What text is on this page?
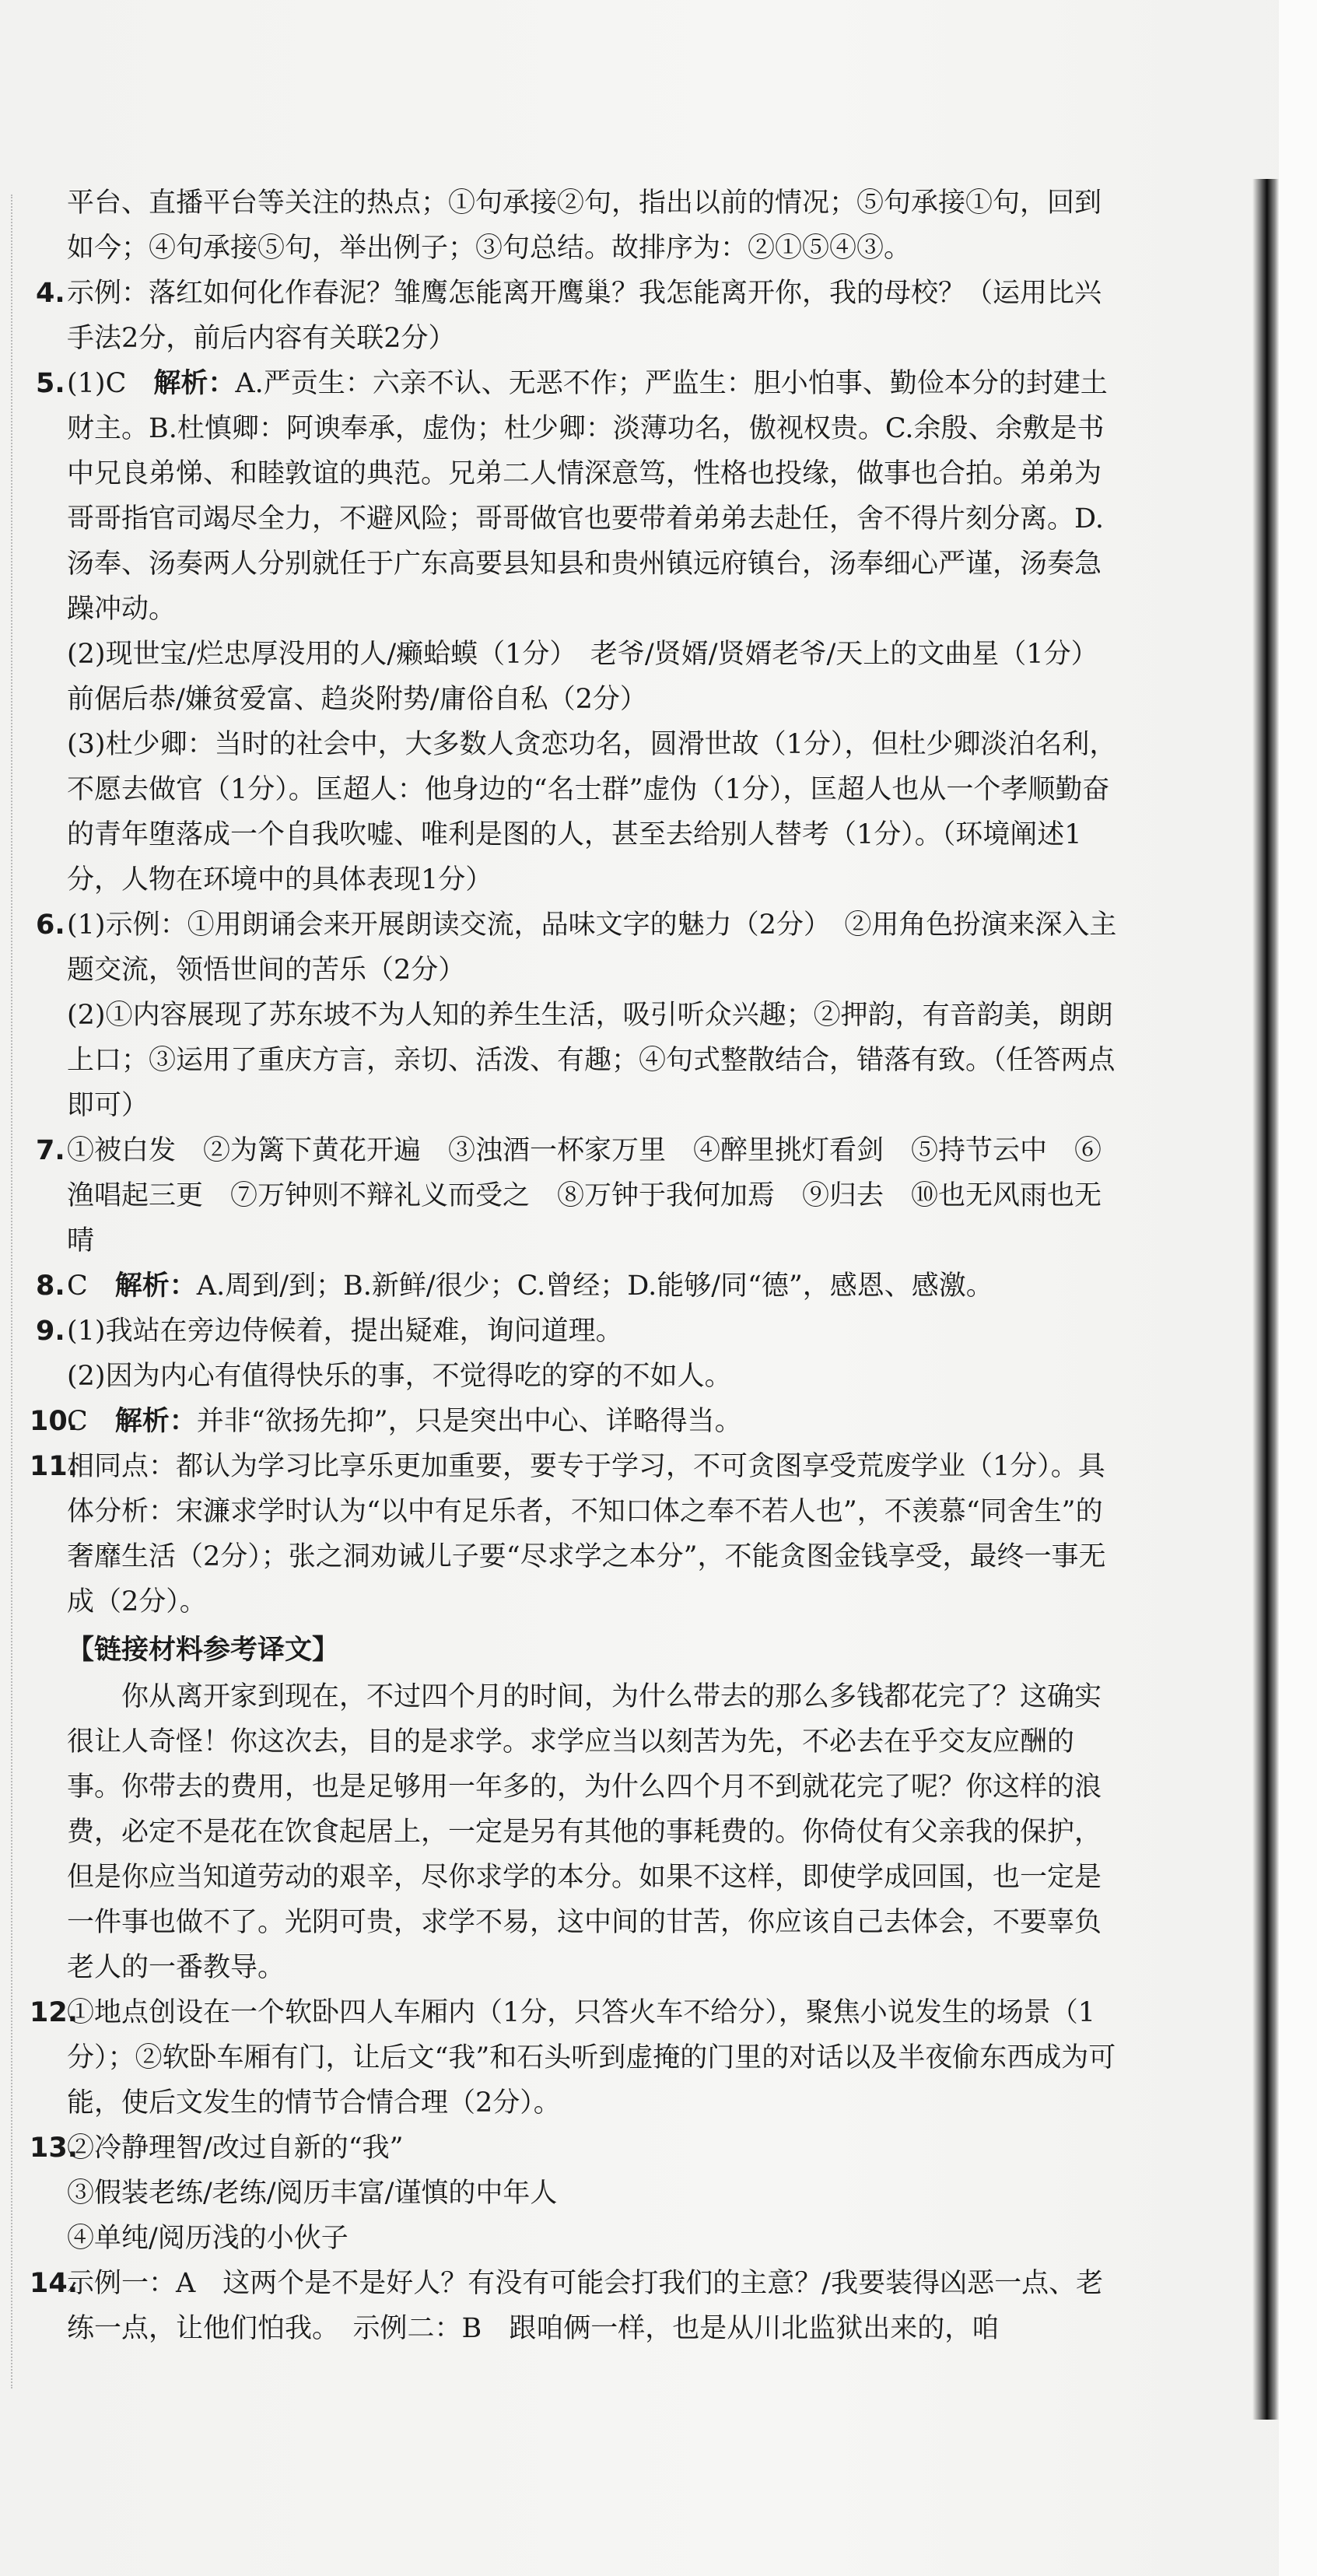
平台、直播平台等关注的热点；①句承接②句，指出以前的情况；⑤句承接①句，回到如今；④句承接⑤句，举出例子；③句总结。故排序为：②①⑤④③。

4. 示例：落红如何化作春泥？雏鹰怎能离开鹰巢？我怎能离开你，我的母校？（运用比兴手法2分，前后内容有关联2分）

5. (1)C　解析：A.严贡生：六亲不认、无恶不作；严监生：胆小怕事、勤俭本分的封建土财主。B.杜慎卿：阿谀奉承，虚伪；杜少卿：淡薄功名，傲视权贵。C.余殷、余敷是书中兄良弟悌、和睦敦谊的典范。兄弟二人情深意笃，性格也投缘，做事也合拍。弟弟为哥哥指官司竭尽全力，不避风险；哥哥做官也要带着弟弟去赴任，舍不得片刻分离。D.汤奉、汤奏两人分别就任于广东高要县知县和贵州镇远府镇台，汤奉细心严谨，汤奏急躁冲动。

(2)现世宝/烂忠厚没用的人/癞蛤蟆（1分）　老爷/贤婿/贤婿老爷/天上的文曲星（1分）　前倨后恭/嫌贫爱富、趋炎附势/庸俗自私（2分）

(3)杜少卿：当时的社会中，大多数人贪恋功名，圆滑世故（1分），但杜少卿淡泊名利，不愿去做官（1分）。匡超人：他身边的“名士群”虚伪（1分），匡超人也从一个孝顺勤奋的青年堕落成一个自我吹嘘、唯利是图的人，甚至去给别人替考（1分）。（环境阐述1分，人物在环境中的具体表现1分）

6. (1)示例：①用朗诵会来开展朗读交流，品味文字的魅力（2分）　②用角色扮演来深入主题交流，领悟世间的苦乐（2分）

(2)①内容展现了苏东坡不为人知的养生生活，吸引听众兴趣；②押韵，有音韵美，朗朗上口；③运用了重庆方言，亲切、活泼、有趣；④句式整散结合，错落有致。（任答两点即可）

7. ①被白发　②为篱下黄花开遍　③浊酒一杯家万里　④醉里挑灯看剑　⑤持节云中　⑥渔唱起三更　⑦万钟则不辩礼义而受之　⑧万钟于我何加焉　⑨归去　⑩也无风雨也无晴

8. C　解析：A.周到/到；B.新鲜/很少；C.曾经；D.能够/同“德”，感恩、感激。

9. (1)我站在旁边侍候着，提出疑难，询问道理。

(2)因为内心有值得快乐的事，不觉得吃的穿的不如人。

10.

C　解析：并非“欲扬先抑”，只是突出中心、详略得当。

11.

相同点：都认为学习比享乐更加重要，要专于学习，不可贪图享受荒废学业（1分）。具体分析：宋濂求学时认为“以中有足乐者，不知口体之奉不若人也”，不羡慕“同舍生”的奢靡生活（2分）；张之洞劝诫儿子要“尽求学之本分”，不能贪图金钱享受，最终一事无成（2分）。

【链接材料参考译文】

你从离开家到现在，不过四个月的时间，为什么带去的那么多钱都花完了？这确实很让人奇怪！你这次去，目的是求学。求学应当以刻苦为先，不必去在乎交友应酬的事。你带去的费用，也是足够用一年多的，为什么四个月不到就花完了呢？你这样的浪费，必定不是花在饮食起居上，一定是另有其他的事耗费的。你倚仗有父亲我的保护，但是你应当知道劳动的艰辛，尽你求学的本分。如果不这样，即使学成回国，也一定是一件事也做不了。光阴可贵，求学不易，这中间的甘苦，你应该自己去体会，不要辜负老人的一番教导。

12.

①地点创设在一个软卧四人车厢内（1分，只答火车不给分），聚焦小说发生的场景（1分）；②软卧车厢有门，让后文“我”和石头听到虚掩的门里的对话以及半夜偷东西成为可能，使后文发生的情节合情合理（2分）。

13.

②冷静理智/改过自新的“我”

③假装老练/老练/阅历丰富/谨慎的中年人

④单纯/阅历浅的小伙子

14.

示例一：A　这两个是不是好人？有没有可能会打我们的主意？/我要装得凶恶一点、老练一点，让他们怕我。　示例二：B　跟咱俩一样，也是从川北监狱出来的，咱
